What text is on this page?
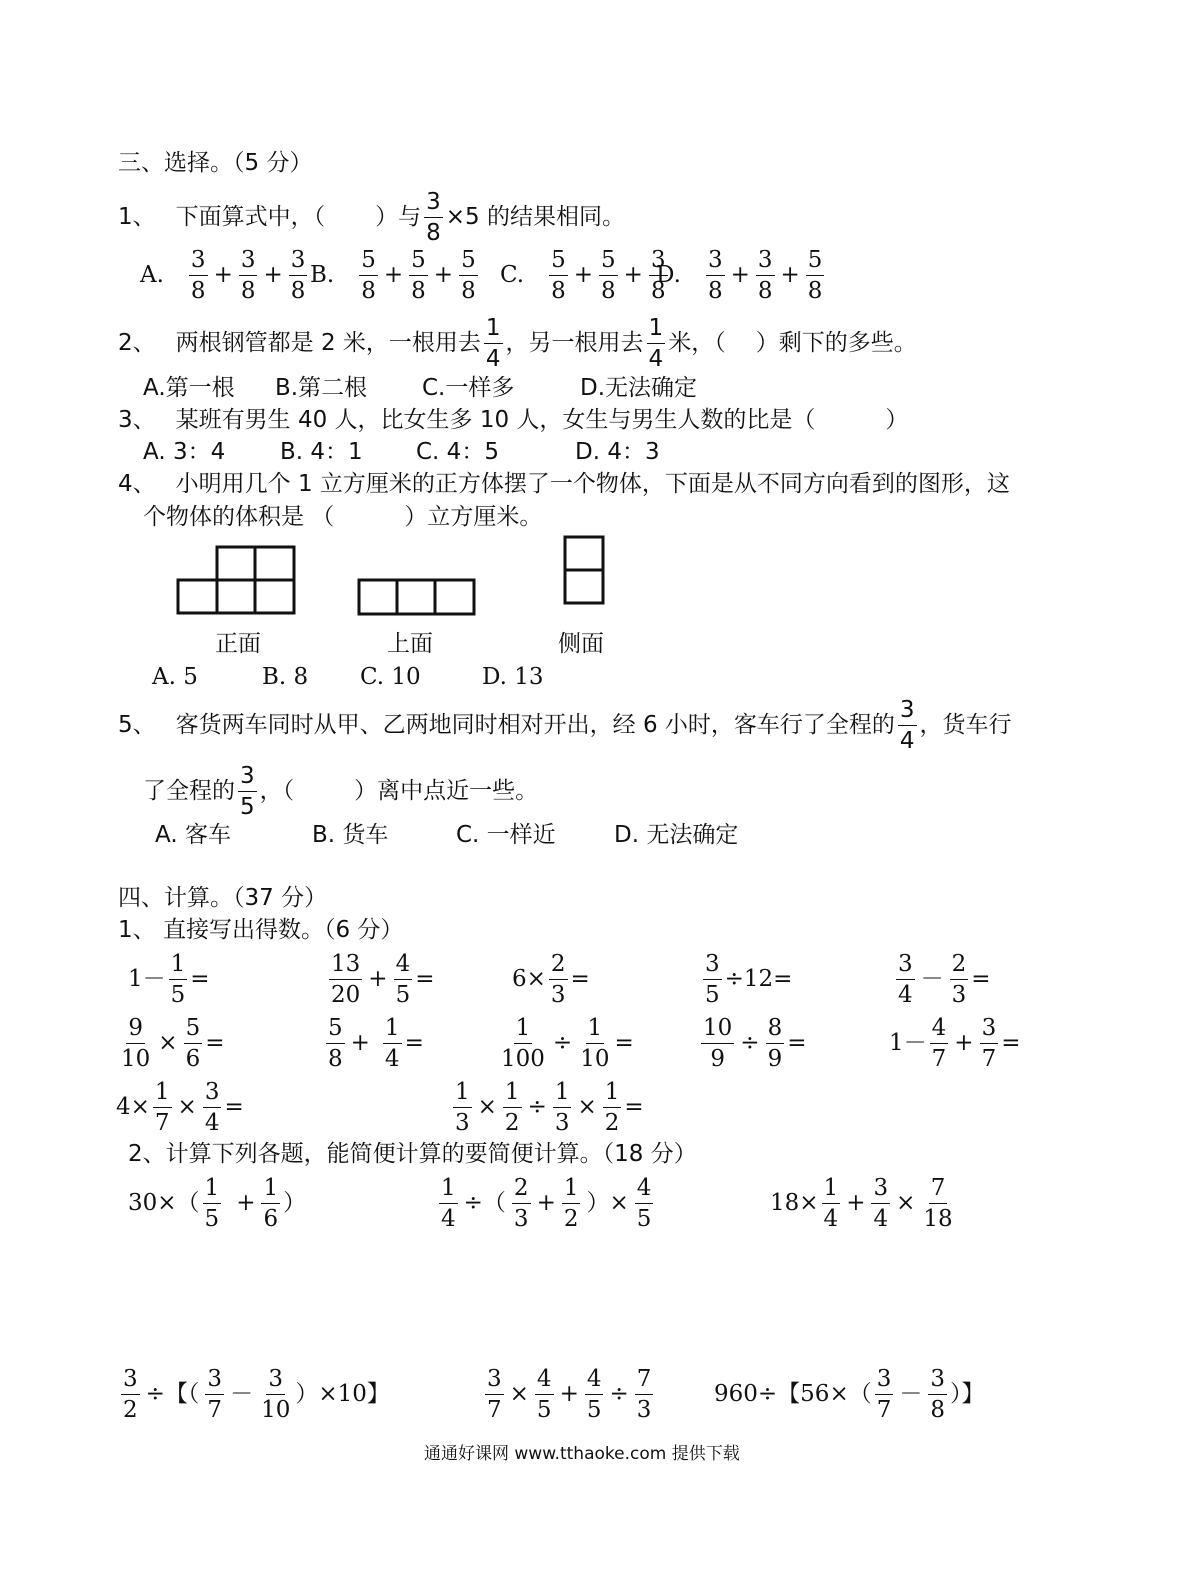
三、选择。（5 分）
1、 下面算式中，（ ）与 $\frac{3}{8} \times 5$ 的结果相同。
A. $\frac{3}{8} + \frac{3}{8} + \frac{3}{8} B$. $\frac{5}{8} + \frac{5}{8} + \frac{5}{8} C$. $\frac{5}{8} + \frac{5}{8} + \frac{3}{8}$
D. $\frac{3}{8} + \frac{3}{8} + \frac{5}{8}$
2、 两根钢管都是 2 米，一根用去 $\frac{1}{4}$ ，另一根用去 $\frac{1}{4}$ 米，（ ）剩下的多些。
A.第一根 B.第二根 C.一样多	D.无法确定
3、 某班有男生 40 人，比女生多 10 人，女生与男生人数的比是（	）
A. 3：4 B. 4：1 C. 4：5	D. 4：3
4、 小明用几个 1 立方厘米的正方体摆了一个物体，下面是从不同方向看到的图形，这
个物体的体积是 （	）立方厘米。
正面	上面	侧面
A. 5	B. 8 C. 10	D. 13
5、 客货两车同时从甲、乙两地同时相对开出，经 6 小时，客车行了全程的 $\frac{3}{4}$ ，货车行
了全程的 $\frac{3}{5}$ ，（	）离中点近一些。
A. 客车	B. 货车	C. 一样近	D. 无法确定
四、计算。（37 分）
1、 直接写出得数。（6 分）
$1- \frac{1}{5}$ =	$\frac{13}{20} + \frac{4}{5}$ =	$6\times \frac{2}{3}$ =	$\frac{3}{5} \div 12=$	$\frac{3}{4} - \frac{2}{3}$ =
$\frac{9}{10} \times \frac{5}{6}$ =	$\frac{5}{8} + \frac{1}{4}$ =	$\frac{1}{100} \div \frac{1}{10}$ =	$\frac{10}{9} \div \frac{8}{9}$ =	$1- \frac{4}{7} + \frac{3}{7}$ =
$4\times \frac{1}{7} \times \frac{3}{4}$ =	$\frac{1}{3} \times \frac{1}{2} \div \frac{1}{3} \times \frac{1}{2}$ =
2、计算下列各题，能简便计算的要简便计算。（18 分）
$30\times( \frac{1}{5} + \frac{1}{6}$ ）	$\frac{1}{4}$ ÷（ $\frac{2}{3} + \frac{1}{2}$ ）× $\frac{4}{5}$	$18\times \frac{1}{4} + \frac{3}{4} \times \frac{7}{18}$
$\frac{3}{2}$ ÷【（ $\frac{3}{7} - \frac{3}{10} )\times 10$】	$\frac{3}{7} \times \frac{4}{5} + \frac{4}{5} \div \frac{7}{3}$	960÷【$56\times( \frac{3}{7} - \frac{3}{8}$ ）】
通通好课网 www.tthaoke.com 提供下载
